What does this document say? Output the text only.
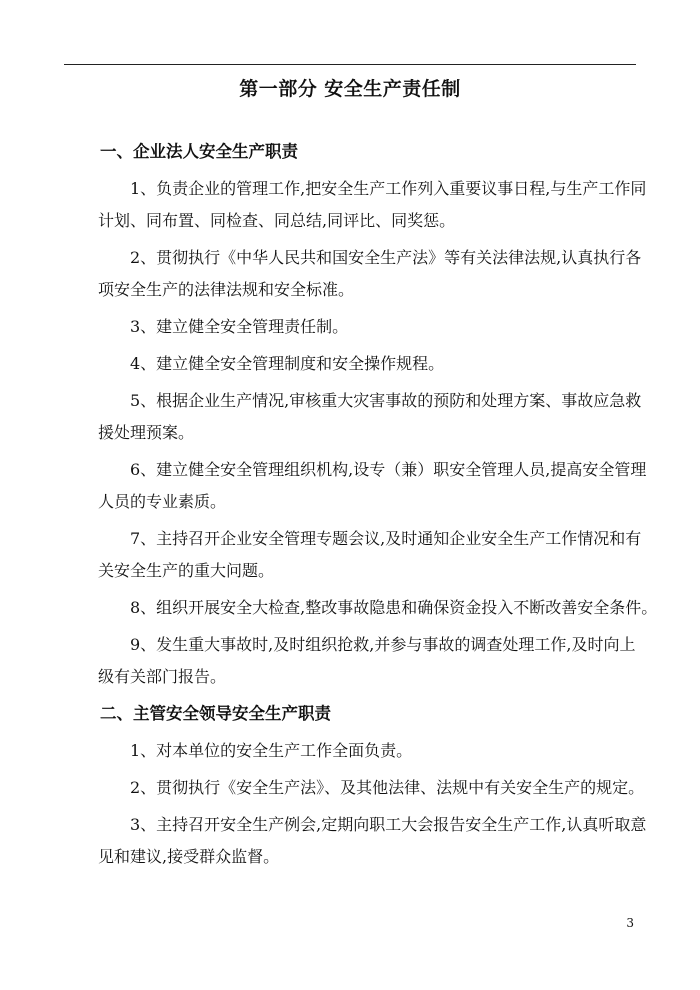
第一部分 安全生产责任制
一、企业法人安全生产职责

1、负责企业的管理工作,把安全生产工作列入重要议事日程,与生产工作同
计划、同布置、同检查、同总结,同评比、同奖惩。

2、贯彻执行《中华人民共和国安全生产法》等有关法律法规,认真执行各
项安全生产的法律法规和安全标准。

3、建立健全安全管理责任制。

4、建立健全安全管理制度和安全操作规程。

5、根据企业生产情况,审核重大灾害事故的预防和处理方案、事故应急救
援处理预案。

6、建立健全安全管理组织机构,设专（兼）职安全管理人员,提高安全管理
人员的专业素质。

7、主持召开企业安全管理专题会议,及时通知企业安全生产工作情况和有
关安全生产的重大问题。

8、组织开展安全大检查,整改事故隐患和确保资金投入不断改善安全条件。

9、发生重大事故时,及时组织抢救,并参与事故的调查处理工作,及时向上
级有关部门报告。

二、主管安全领导安全生产职责

1、对本单位的安全生产工作全面负责。

2、贯彻执行《安全生产法》、及其他法律、法规中有关安全生产的规定。

3、主持召开安全生产例会,定期向职工大会报告安全生产工作,认真听取意
见和建议,接受群众监督。

3
